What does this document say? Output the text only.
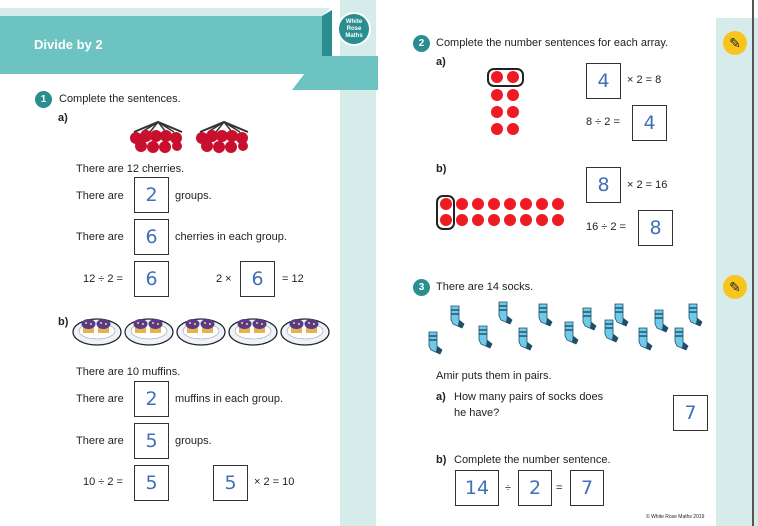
Divide by 2
White
Rose
Maths
1	Complete the sentences.
a)
There are 12 cherries.
There are	2	groups.
There are	6	cherries in each group.
12 ÷ 2 =	6	2 ×	6	= 12
b)
There are 10 muffins.
There are	2	muffins in each group.
There are	5	groups.
10 ÷ 2 =	5	5	× 2 = 10
2	Complete the number sentences for each array.	✎
a)
4	× 2 = 8
8 ÷ 2 =	4
b)
8	× 2 = 16
16 ÷ 2 =	8
3	There are 14 socks.	✎
Amir puts them in pairs.
a) How many pairs of socks does
he have?	7
b) Complete the number sentence.
14	÷ 2	= 7
© White Rose Maths 2019
